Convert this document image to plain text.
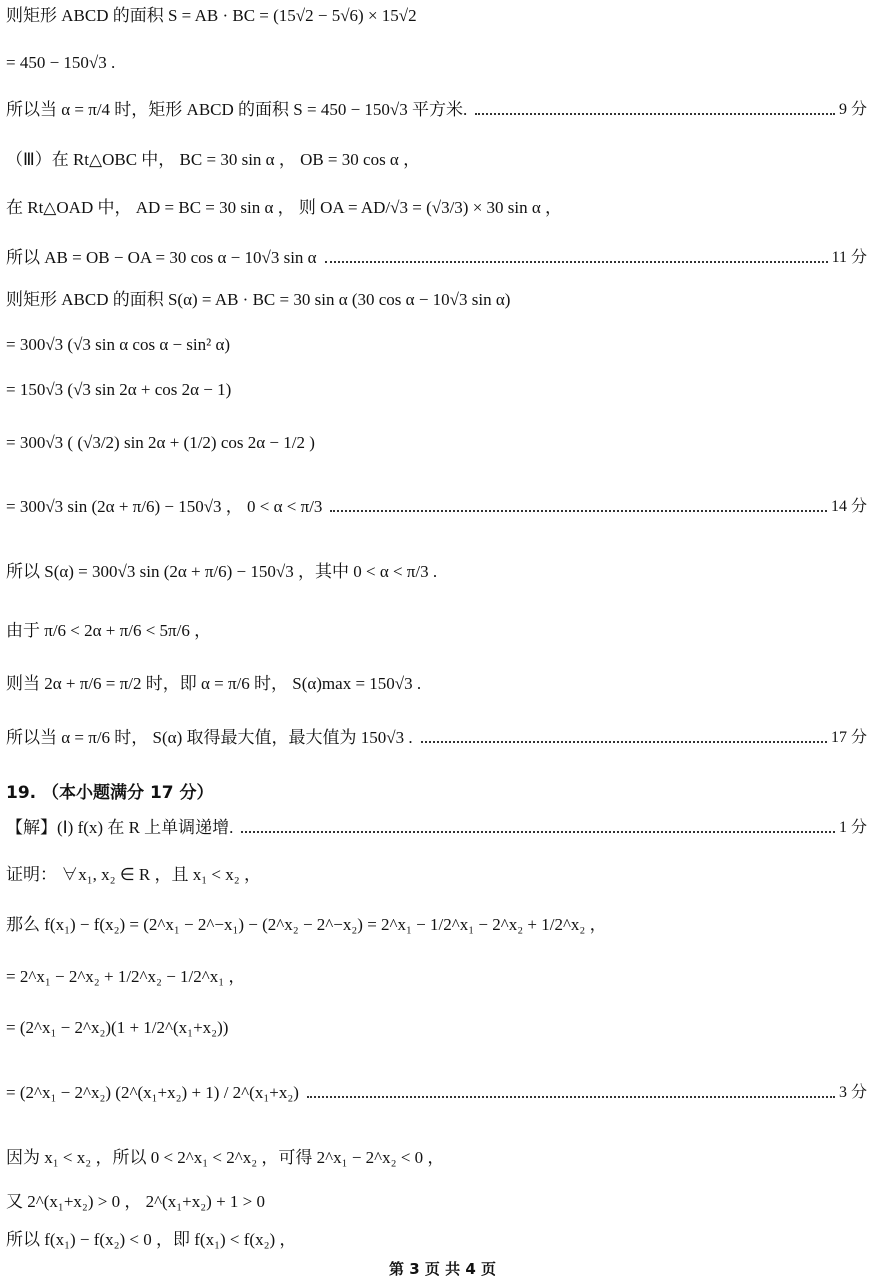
则矩形 ABCD 的面积 S = AB · BC = (15√2 − 5√6) × 15√2
= 450 − 150√3 .
所以当 α = π/4 时，矩形 ABCD 的面积 S = 450 − 150√3 平方米.	9 分
（Ⅲ）在 Rt△OBC 中， BC = 30 sin α ， OB = 30 cos α ，
在 Rt△OAD 中， AD = BC = 30 sin α ， 则 OA = AD/√3 = (√3/3) × 30 sin α ，
所以 AB = OB − OA = 30 cos α − 10√3 sin α	11 分
则矩形 ABCD 的面积 S(α) = AB · BC = 30 sin α (30 cos α − 10√3 sin α)
= 300√3 (√3 sin α cos α − sin² α)
= 150√3 (√3 sin 2α + cos 2α − 1)
= 300√3 ( (√3/2) sin 2α + (1/2) cos 2α − 1/2 )
= 300√3 sin (2α + π/6) − 150√3 ， 0 < α < π/3	14 分
所以 S(α) = 300√3 sin (2α + π/6) − 150√3 ，其中 0 < α < π/3 .
由于 π/6 < 2α + π/6 < 5π/6 ，
则当 2α + π/6 = π/2 时，即 α = π/6 时， S(α)max = 150√3 .
所以当 α = π/6 时， S(α) 取得最大值，最大值为 150√3 .	17 分
19. （本小题满分 17 分）
【解】(Ⅰ) f(x) 在 R 上单调递增.	1 分
证明： ∀x₁, x₂ ∈ R ，且 x₁ < x₂ ，
那么 f(x₁) − f(x₂) = (2^x₁ − 2^−x₁) − (2^x₂ − 2^−x₂) = 2^x₁ − 1/2^x₁ − 2^x₂ + 1/2^x₂ ，
= 2^x₁ − 2^x₂ + 1/2^x₂ − 1/2^x₁ ，
= (2^x₁ − 2^x₂)(1 + 1/2^(x₁+x₂))
= (2^x₁ − 2^x₂) (2^(x₁+x₂) + 1) / 2^(x₁+x₂)	3 分
因为 x₁ < x₂ ，所以 0 < 2^x₁ < 2^x₂ ，可得 2^x₁ − 2^x₂ < 0 ，
又 2^(x₁+x₂) > 0 ， 2^(x₁+x₂) + 1 > 0
所以 f(x₁) − f(x₂) < 0 ，即 f(x₁) < f(x₂) ，
第 3 页 共 4 页
